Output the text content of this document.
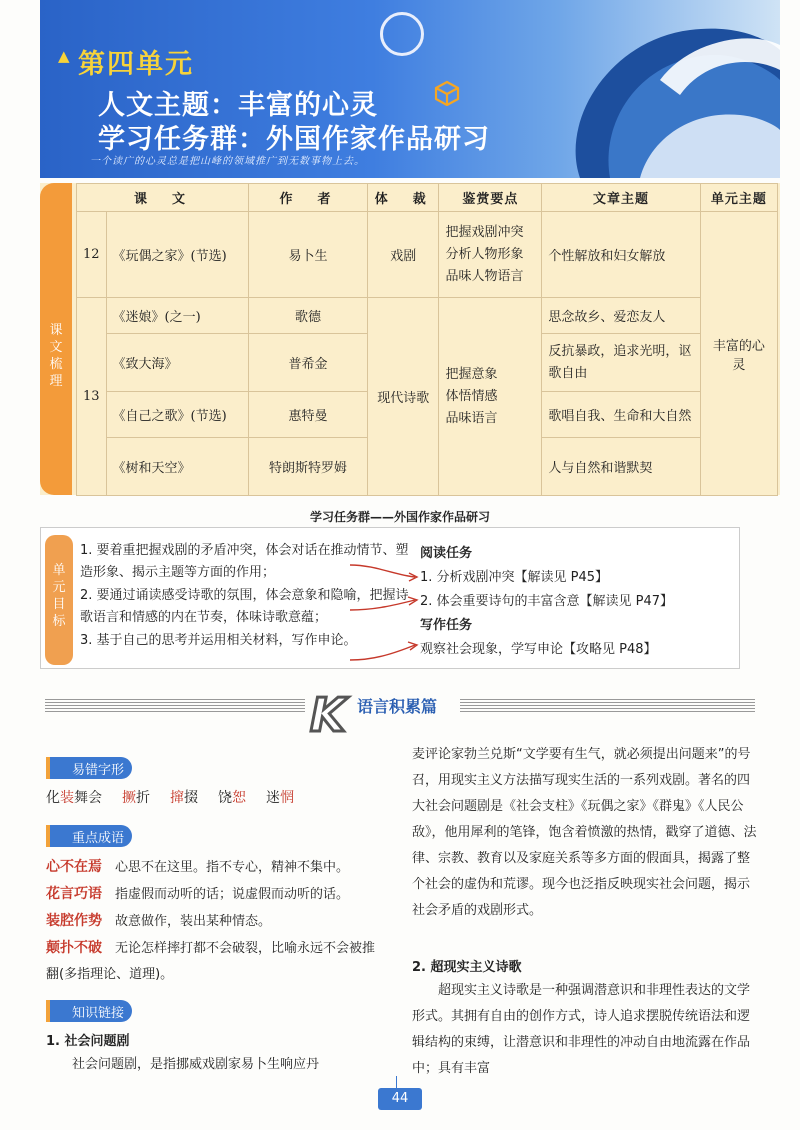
▲ 第四单元
人文主题：丰富的心灵
学习任务群：外国作家作品研习
一个读广的心灵总是把山峰的领域推广到无数事物上去。
课文梳理
课　文		作　者	体　裁	鉴赏要点	文章主题	单元主题
12	《玩偶之家》(节选)	易卜生	戏剧	把握戏剧冲突
分析人物形象
品味人物语言	个性解放和妇女解放	丰富的心灵
13	《迷娘》(之一)	歌德	现代诗歌	把握意象
体悟情感
品味语言	思念故乡、爱恋友人	
	《致大海》	普希金			反抗暴政，追求光明，讴歌自由	
	《自己之歌》(节选)	惠特曼			歌唱自我、生命和大自然	
	《树和天空》	特朗斯特罗姆			人与自然和谐默契	
学习任务群——外国作家作品研习
单元目标
1. 要着重把握戏剧的矛盾冲突，体会对话在推动情节、塑造形象、揭示主题等方面的作用；
2. 要通过诵读感受诗歌的氛围，体会意象和隐喻，把握诗歌语言和情感的内在节奏，体味诗歌意蕴；
3. 基于自己的思考并运用相关材料，写作申论。
阅读任务
1. 分析戏剧冲突【解读见 P45】
2. 体会重要诗句的丰富含意【解读见 P47】
写作任务
观察社会现象，学写申论【攻略见 P48】
K 语言积累篇
易错字形
化装舞会 撅折 撺掇 饶恕 迷惘
重点成语
心不在焉　 心思不在这里。指不专心，精神不集中。
花言巧语　 指虚假而动听的话；说虚假而动听的话。
装腔作势　 故意做作，装出某种情态。
颠扑不破　 无论怎样摔打都不会破裂，比喻永远不会被推翻(多指理论、道理)。
知识链接
1. 社会问题剧
社会问题剧，是指挪威戏剧家易卜生响应丹
麦评论家勃兰兑斯“文学要有生气，就必须提出问题来”的号召，用现实主义方法描写现实生活的一系列戏剧。著名的四大社会问题剧是《社会支柱》《玩偶之家》《群鬼》《人民公敌》，他用犀利的笔锋，饱含着愤激的热情，戳穿了道德、法律、宗教、教育以及家庭关系等多方面的假面具，揭露了整个社会的虚伪和荒谬。现今也泛指反映现实社会问题，揭示社会矛盾的戏剧形式。
2. 超现实主义诗歌
超现实主义诗歌是一种强调潜意识和非理性表达的文学形式。其拥有自由的创作方式，诗人追求摆脱传统语法和逻辑结构的束缚，让潜意识和非理性的冲动自由地流露在作品中；具有丰富
44
